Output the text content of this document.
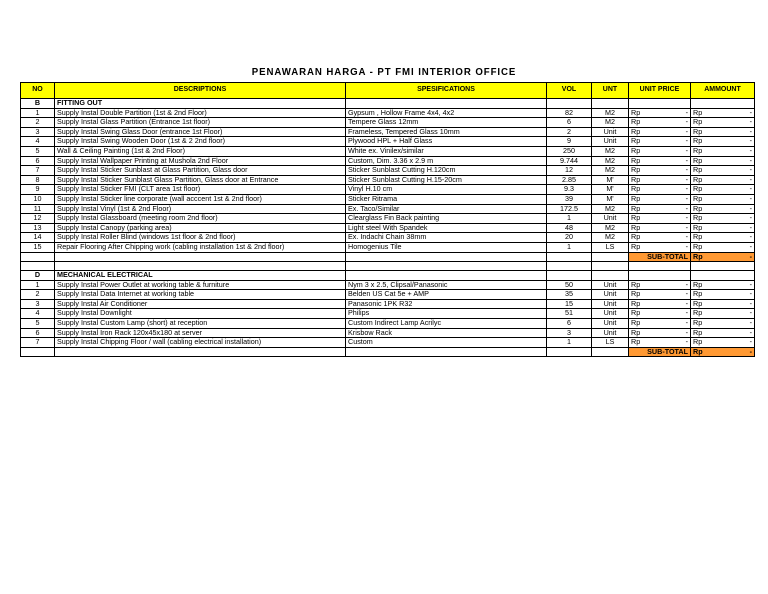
PENAWARAN HARGA - PT FMI INTERIOR OFFICE
NO	DESCRIPTIONS	SPESIFICATIONS	VOL	UNT	UNIT PRICE	AMMOUNT
B	FITTING OUT					
1	Supply Instal Double Partition (1st & 2nd Floor)	Gypsum , Hollow Frame 4x4, 4x2	82	M2	Rp -	Rp -

2	Supply Instal Glass Partition (Entrance 1st floor)	Tempere Glass 12mm	6	M2	Rp -	Rp -

3	Supply Instal Swing Glass Door (entrance 1st Floor)	Frameless, Tempered Glass 10mm	2	Unit	Rp -	Rp -

4	Supply Instal Swing Wooden Door (1st & 2 2nd floor)	Plywood HPL + Half Glass	9	Unit	Rp -	Rp -

5	Wall & Ceiling Painting (1st & 2nd Floor)	White ex. Vinilex/similar	250	M2	Rp -	Rp -

6	Supply Instal Wallpaper Printing at Mushola 2nd Floor	Custom, Dim. 3.36 x 2.9 m	9.744	M2	Rp -	Rp -

7	Supply Instal Sticker Sunblast at Glass Partition, Glass door	Sticker Sunblast Cutting H.120cm	12	M2	Rp -	Rp -

8	Supply Instal Sticker Sunblast Glass Partition, Glass door at Entrance	Sticker Sunblast Cutting H.15-20cm	2.85	M'	Rp -	Rp -

9	Supply Instal Sticker FMI (CLT area 1st floor)	Vinyl H.10 cm	9.3	M'	Rp -	Rp -

10	Supply Instal Sticker line corporate (wall acccent 1st & 2nd floor)	Sticker Ritrama	39	M'	Rp -	Rp -

11	Supply Instal Vinyl (1st & 2nd Floor)	Ex. Taco/Similar	172.5	M2	Rp -	Rp -

12	Supply Instal Glassboard (meeting room 2nd floor)	Clearglass Fin Back painting	1	Unit	Rp -	Rp -

13	Supply Instal Canopy (parking area)	Light steel With Spandek	48	M2	Rp -	Rp -

14	Supply Instal Roller Blind (windows 1st floor & 2nd floor)	Ex. Indachi Chain 38mm	20	M2	Rp -	Rp -

15	Repair Flooring After Chipping work (cabling installation 1st & 2nd floor)	Homogenius Tile	1	LS	Rp -	Rp -

					SUB-TOTAL	Rp -

D	MECHANICAL ELECTRICAL					
1	Supply Instal Power Outlet at working table & furniture	Nym 3 x 2.5, Clipsal/Panasonic	50	Unit	Rp -	Rp -

2	Supply Instal Data Internet at working table	Belden US Cat 5e + AMP	35	Unit	Rp -	Rp -

3	Supply Instal Air Conditioner	Panasonic 1PK R32	15	Unit	Rp -	Rp -

4	Supply Instal Downlight	Philips	51	Unit	Rp -	Rp -

5	Supply Instal Custom Lamp (short) at reception	Custom Indirect Lamp Acrilyc	6	Unit	Rp -	Rp -

6	Supply Instal Iron Rack 120x45x180 at server	Krisbow Rack	3	Unit	Rp -	Rp -

7	Supply Instal Chipping Floor / wall (cabling electrical installation)	Custom	1	LS	Rp -	Rp -

					SUB-TOTAL	Rp -
